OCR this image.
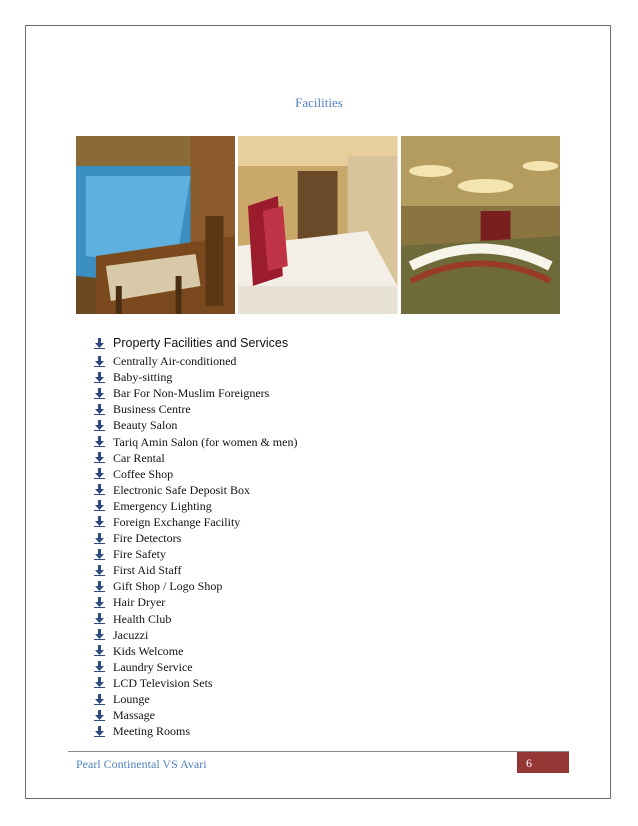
Facilities
Property Facilities and Services
Centrally Air-conditioned
Baby-sitting
Bar For Non-Muslim Foreigners
Business Centre
Beauty Salon
Tariq Amin Salon (for women & men)
Car Rental
Coffee Shop
Electronic Safe Deposit Box
Emergency Lighting
Foreign Exchange Facility
Fire Detectors
Fire Safety
First Aid Staff
Gift Shop / Logo Shop
Hair Dryer
Health Club
Jacuzzi
Kids Welcome
Laundry Service
LCD Television Sets
Lounge
Massage
Meeting Rooms
Pearl Continental VS Avari	6
